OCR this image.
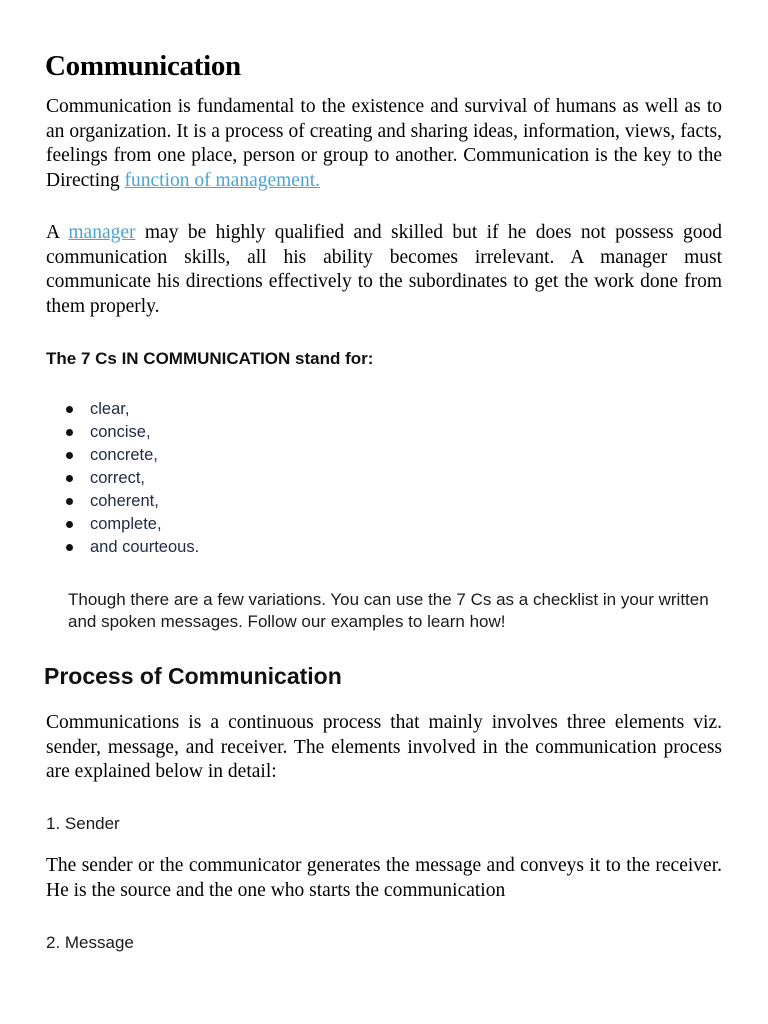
Communication

Communication is fundamental to the existence and survival of humans as well as to an organization. It is a process of creating and sharing ideas, information, views, facts, feelings from one place, person or group to another. Communication is the key to the Directing function of management.

A manager may be highly qualified and skilled but if he does not possess good communication skills, all his ability becomes irrelevant. A manager must communicate his directions effectively to the subordinates to get the work done from them properly.

The 7 Cs IN COMMUNICATION stand for:
clear,
concise,
concrete,
correct,
coherent,
complete,
and courteous.

Though there are a few variations. You can use the 7 Cs as a checklist in your written and spoken messages. Follow our examples to learn how!

Process of Communication

Communications is a continuous process that mainly involves three elements viz. sender, message, and receiver. The elements involved in the communication process are explained below in detail:

1. Sender

The sender or the communicator generates the message and conveys it to the receiver. He is the source and the one who starts the communication

2. Message
